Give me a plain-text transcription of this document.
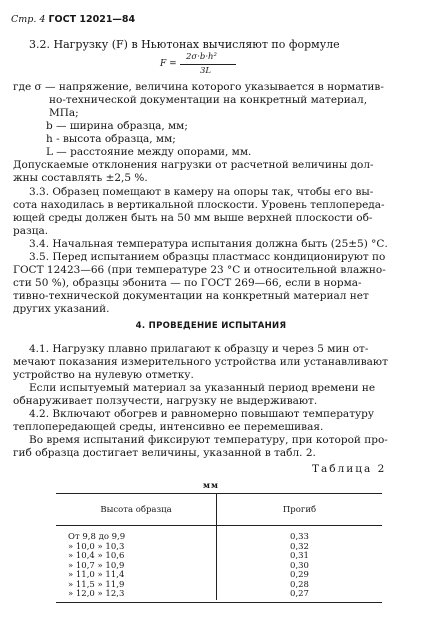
Стр. 4 ГОСТ 12021—84
3.2. Нагрузку (F) в Ньютонах вычисляют по формуле
F =
2σ·b·h²
3L
где σ — напряжение, величина которого указывается в норматив-
но-технической документации на конкретный материал,
МПа;
b — ширина образца, мм;
h - высота образца, мм;
L — расстояние между опорами, мм.
Допускаемые отклонения нагрузки от расчетной величины дол-
жны составлять ±2,5 %.
3.3. Образец помещают в камеру на опоры так, чтобы его вы-
сота находилась в вертикальной плоскости. Уровень теплопереда-
ющей среды должен быть на 50 мм выше верхней плоскости об-
разца.
3.4. Начальная температура испытания должна быть (25±5) °С.
3.5. Перед испытанием образцы пластмасс кондиционируют по
ГОСТ 12423—66 (при температуре 23 °С и относительной влажно-
сти 50 %), образцы эбонита — по ГОСТ 269—66, если в норма-
тивно-технической документации на конкретный материал нет
других указаний.
4. ПРОВЕДЕНИЕ ИСПЫТАНИЯ
4.1. Нагрузку плавно прилагают к образцу и через 5 мин от-
мечают показания измерительного устройства или устанавливают
устройство на нулевую отметку.
Если испытуемый материал за указанный период времени не
обнаруживает ползучести, нагрузку не выдерживают.
4.2. Включают обогрев и равномерно повышают температуру
теплопередающей среды, интенсивно ее перемешивая.
Во время испытаний фиксируют температуру, при которой про-
гиб образца достигает величины, указанной в табл. 2.
Таблица 2
мм
Высота образца	Прогиб
От 9,8 до 9,9	0,33
» 10,0 » 10,3	0,32
» 10,4 » 10,6	0,31
» 10,7 » 10,9	0,30
» 11,0 » 11,4	0,29
» 11,5 » 11,9	0,28
» 12,0 » 12,3	0,27
